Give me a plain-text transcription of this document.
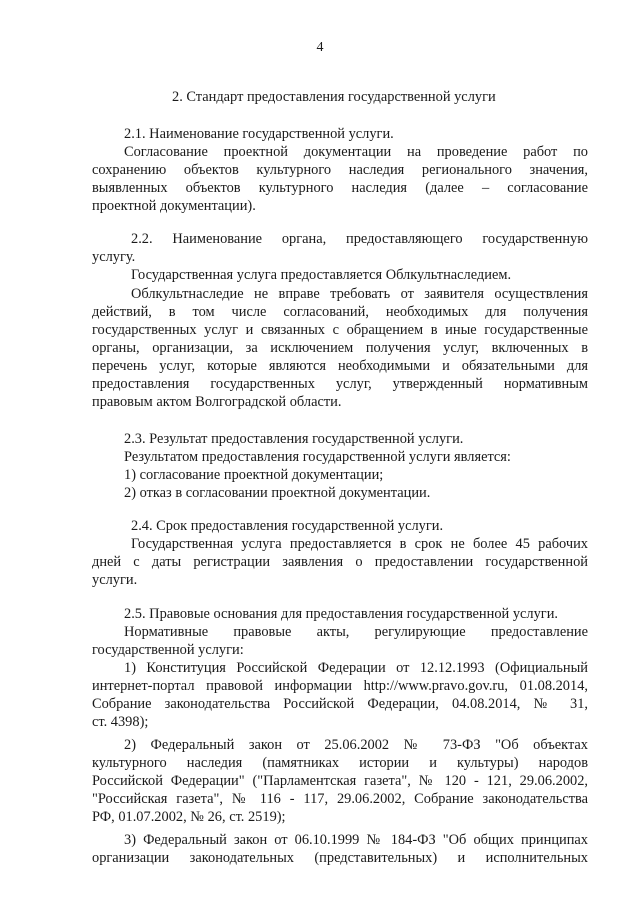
4
2. Стандарт предоставления государственной услуги
2.1. Наименование государственной услуги.
Согласование проектной документации на проведение работ по
сохранению объектов культурного наследия регионального значения,
выявленных объектов культурного наследия (далее – согласование
проектной документации).
2.2. Наименование органа, предоставляющего государственную
услугу.
Государственная услуга предоставляется Облкультнаследием.
Облкультнаследие не вправе требовать от заявителя осуществления
действий, в том числе согласований, необходимых для получения
государственных услуг и связанных с обращением в иные государственные
органы, организации, за исключением получения услуг, включенных в
перечень услуг, которые являются необходимыми и обязательными для
предоставления государственных услуг, утвержденный нормативным
правовым актом Волгоградской области.
2.3. Результат предоставления государственной услуги.
Результатом предоставления государственной услуги является:
1) согласование проектной документации;
2) отказ в согласовании проектной документации.
2.4. Срок предоставления государственной услуги.
Государственная услуга предоставляется в срок не более 45 рабочих
дней с даты регистрации заявления о предоставлении государственной
услуги.
2.5. Правовые основания для предоставления государственной услуги.
Нормативные правовые акты, регулирующие предоставление
государственной услуги:
1) Конституция Российской Федерации от 12.12.1993 (Официальный
интернет-портал правовой информации http://www.pravo.gov.ru, 01.08.2014,
Собрание законодательства Российской Федерации, 04.08.2014, № 31,
ст. 4398);
2) Федеральный закон от 25.06.2002 № 73-ФЗ "Об объектах
культурного наследия (памятниках истории и культуры) народов
Российской Федерации" ("Парламентская газета", № 120 - 121, 29.06.2002,
"Российская газета", № 116 - 117, 29.06.2002, Собрание законодательства
РФ, 01.07.2002, № 26, ст. 2519);
3) Федеральный закон от 06.10.1999 № 184-ФЗ "Об общих принципах
организации законодательных (представительных) и исполнительных
